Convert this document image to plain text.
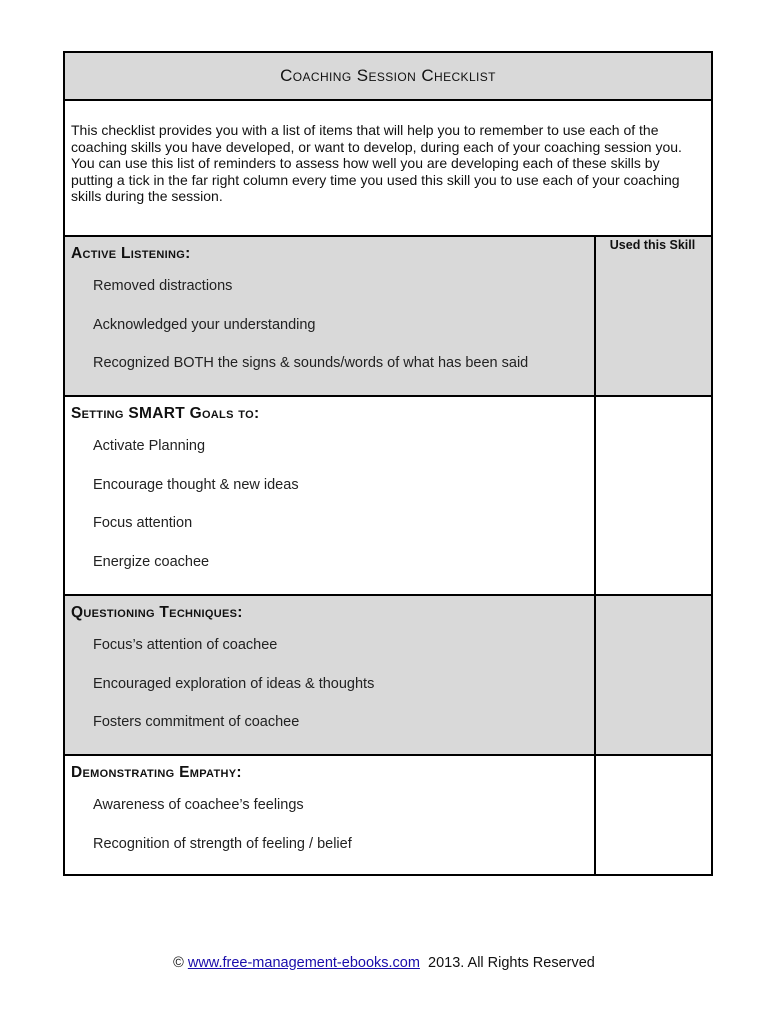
Coaching Session Checklist
This checklist provides you with a list of items that will help you to remember to use each of the coaching skills you have developed, or want to develop, during each of your coaching session you. You can use this list of reminders to assess how well you are developing each of these skills by putting a tick in the far right column every time you used this skill you to use each of your coaching skills during the session.
Active Listening:
Removed distractions
Acknowledged your understanding
Recognized BOTH the signs & sounds/words of what has been said
Used this Skill
Setting SMART Goals to:
Activate Planning
Encourage thought & new ideas
Focus attention
Energize coachee
Questioning Techniques:
Focus’s attention of coachee
Encouraged exploration of ideas & thoughts
Fosters commitment of coachee
Demonstrating Empathy:
Awareness of coachee’s feelings
Recognition of strength of feeling / belief
© www.free-management-ebooks.com 2013. All Rights Reserved
